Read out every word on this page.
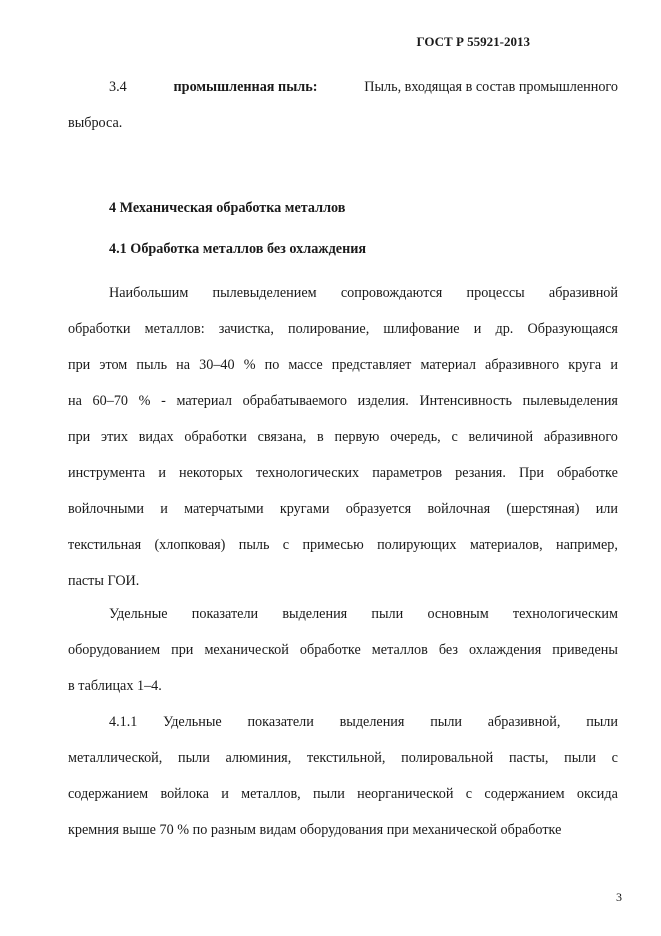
ГОСТ Р 55921-2013
3.4	промышленная пыль:	Пыль, входящая в состав промышленного
выброса.
4 Механическая обработка металлов
4.1 Обработка металлов без охлаждения
Наибольшим пылевыделением сопровождаются процессы абразивной
обработки металлов: зачистка, полирование, шлифование и др. Образующаяся
при этом пыль на 30–40 % по массе представляет материал абразивного круга и
на 60–70 % - материал обрабатываемого изделия. Интенсивность пылевыделения
при этих видах обработки связана, в первую очередь, с величиной абразивного
инструмента и некоторых технологических параметров резания. При обработке
войлочными и матерчатыми кругами образуется войлочная (шерстяная) или
текстильная (хлопковая) пыль с примесью полирующих материалов, например,
пасты ГОИ.
Удельные показатели выделения пыли основным технологическим
оборудованием при механической обработке металлов без охлаждения приведены
в таблицах 1–4.
4.1.1 Удельные показатели выделения пыли абразивной, пыли
металлической, пыли алюминия, текстильной, полировальной пасты, пыли с
содержанием войлока и металлов, пыли неорганической с содержанием оксида
кремния выше 70 % по разным видам оборудования при механической обработке
3
